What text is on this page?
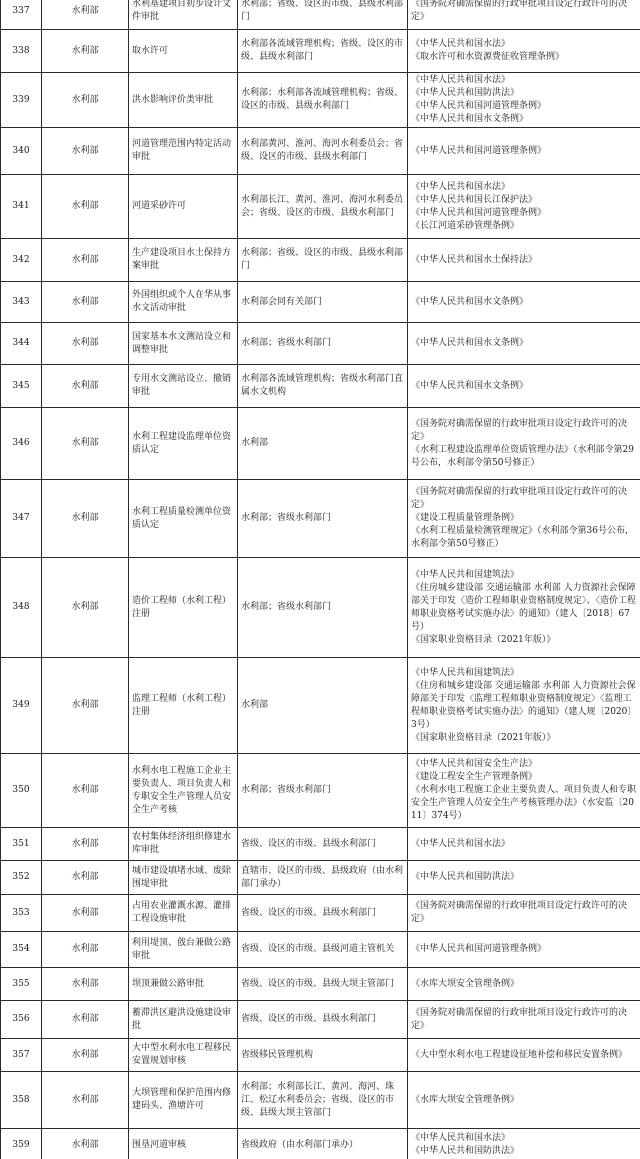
337	水利部	水利基建项目初步设计文件审批	水利部；省级、设区的市级、县级水利部门	《国务院对确需保留的行政审批项目设定行政许可的决定》

338	水利部	取水许可	水利部各流域管理机构；省级、设区的市级、县级水利部门	《中华人民共和国水法》
《取水许可和水资源费征收管理条例》

339	水利部	洪水影响评价类审批	水利部；水利部各流域管理机构；省级、设区的市级、县级水利部门	《中华人民共和国水法》
《中华人民共和国防洪法》
《中华人民共和国河道管理条例》
《中华人民共和国水文条例》

340	水利部	河道管理范围内特定活动审批	水利部黄河、淮河、海河水利委员会；省级、设区的市级、县级水利部门	《中华人民共和国河道管理条例》

341	水利部	河道采砂许可	水利部长江、黄河、淮河、海河水利委员会；省级、设区的市级、县级水利部门	《中华人民共和国水法》
《中华人民共和国长江保护法》
《中华人民共和国河道管理条例》
《长江河道采砂管理条例》

342	水利部	生产建设项目水土保持方案审批	水利部；省级、设区的市级、县级水利部门	《中华人民共和国水土保持法》

343	水利部	外国组织或个人在华从事水文活动审批	水利部会同有关部门	《中华人民共和国水文条例》

344	水利部	国家基本水文测站设立和调整审批	水利部；省级水利部门	《中华人民共和国水文条例》

345	水利部	专用水文测站设立、撤销审批	水利部各流域管理机构；省级水利部门直属水文机构	《中华人民共和国水文条例》

346	水利部	水利工程建设监理单位资质认定	水利部	《国务院对确需保留的行政审批项目设定行政许可的决定》
《水利工程建设监理单位资质管理办法》（水利部令第29号公布，水利部令第50号修正）

347	水利部	水利工程质量检测单位资质认定	水利部；省级水利部门	《国务院对确需保留的行政审批项目设定行政许可的决定》
《建设工程质量管理条例》
《水利工程质量检测管理规定》（水利部令第36号公布，水利部令第50号修正）

348	水利部	造价工程师（水利工程）注册	水利部；省级水利部门	《中华人民共和国建筑法》
《住房城乡建设部 交通运输部 水利部 人力资源社会保障部关于印发〈造价工程师职业资格制度规定〉、〈造价工程师职业资格考试实施办法〉的通知》（建人〔2018〕67号）
《国家职业资格目录（2021年版）》

349	水利部	监理工程师（水利工程）注册	水利部	《中华人民共和国建筑法》
《住房和城乡建设部 交通运输部 水利部 人力资源社会保障部关于印发〈监理工程师职业资格制度规定〉〈监理工程师职业资格考试实施办法〉的通知》（建人规〔2020〕3号）
《国家职业资格目录（2021年版）》

350	水利部	水利水电工程施工企业主要负责人、项目负责人和专职安全生产管理人员安全生产考核	水利部；省级水利部门	《中华人民共和国安全生产法》
《建设工程安全生产管理条例》
《水利水电工程施工企业主要负责人、项目负责人和专职安全生产管理人员安全生产考核管理办法》（水安监〔2011〕374号）

351	水利部	农村集体经济组织修建水库审批	省级、设区的市级、县级水利部门	《中华人民共和国水法》

352	水利部	城市建设填堵水域、废除围堤审批	直辖市、设区的市级、县级政府（由水利部门承办）	《中华人民共和国防洪法》

353	水利部	占用农业灌溉水源、灌排工程设施审批	省级、设区的市级、县级水利部门	《国务院对确需保留的行政审批项目设定行政许可的决定》

354	水利部	利用堤顶、戗台兼做公路审批	省级、设区的市级、县级河道主管机关	《中华人民共和国河道管理条例》

355	水利部	坝顶兼做公路审批	省级、设区的市级、县级大坝主管部门	《水库大坝安全管理条例》

356	水利部	蓄滞洪区避洪设施建设审批	省级、设区的市级、县级水利部门	《国务院对确需保留的行政审批项目设定行政许可的决定》

357	水利部	大中型水利水电工程移民安置规划审核	省级移民管理机构	《大中型水利水电工程建设征地补偿和移民安置条例》

358	水利部	大坝管理和保护范围内修建码头、渔塘许可	水利部；水利部长江、黄河、海河、珠江、松辽水利委员会；省级、设区的市级、县级大坝主管部门	《水库大坝安全管理条例》

359	水利部	围垦河道审核	省级政府（由水利部门承办）	《中华人民共和国水法》
《中华人民共和国防洪法》
